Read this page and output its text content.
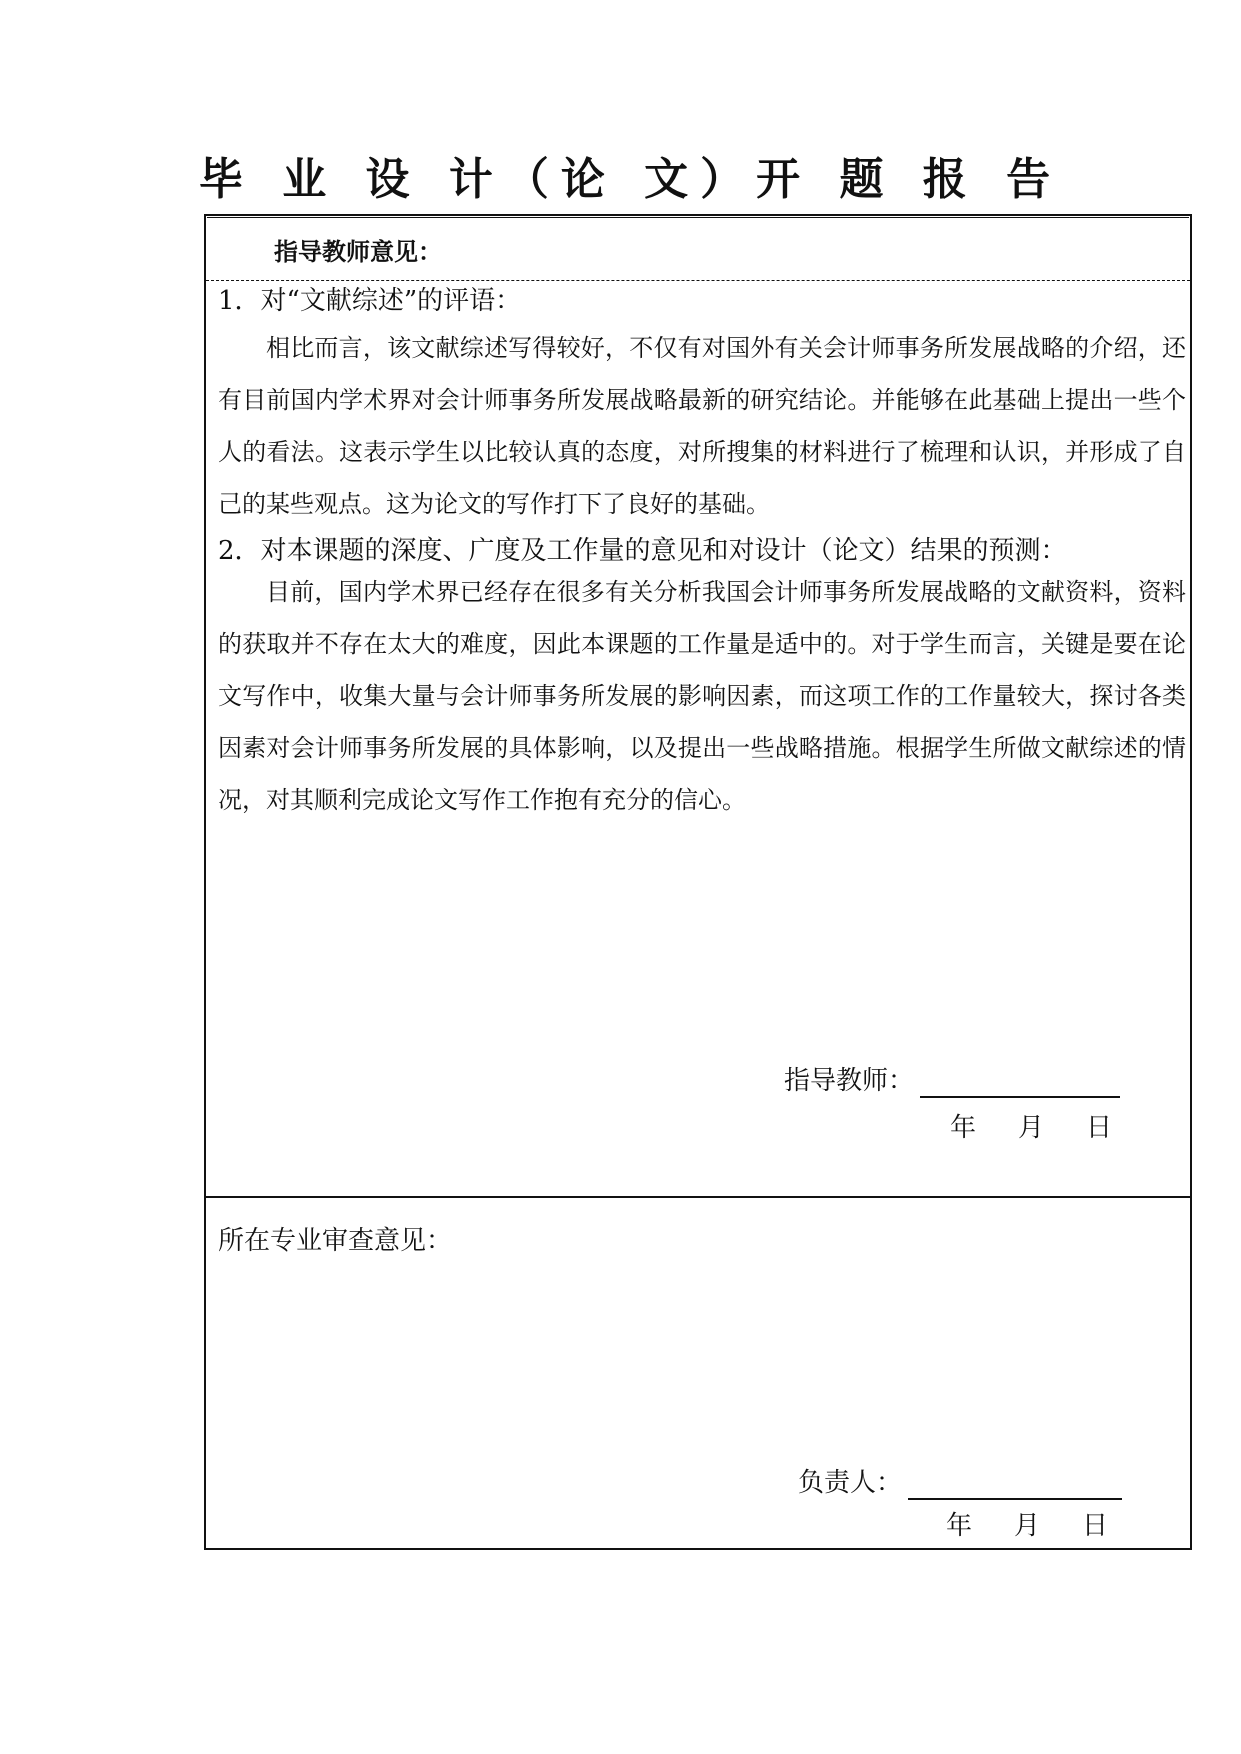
毕 业 设 计（论 文）开 题 报 告
指导教师意见：
1．对“文献综述”的评语：

相比而言，该文献综述写得较好，不仅有对国外有关会计师事务所发展战略的介绍，还有目前国内学术界对会计师事务所发展战略最新的研究结论。并能够在此基础上提出一些个人的看法。这表示学生以比较认真的态度，对所搜集的材料进行了梳理和认识，并形成了自己的某些观点。这为论文的写作打下了良好的基础。

2．对本课题的深度、广度及工作量的意见和对设计（论文）结果的预测：

目前，国内学术界已经存在很多有关分析我国会计师事务所发展战略的文献资料，资料的获取并不存在太大的难度，因此本课题的工作量是适中的。对于学生而言，关键是要在论文写作中，收集大量与会计师事务所发展的影响因素，而这项工作的工作量较大，探讨各类因素对会计师事务所发展的具体影响，以及提出一些战略措施。根据学生所做文献综述的情况，对其顺利完成论文写作工作抱有充分的信心。

指导教师：
年 月 日
所在专业审查意见：
负责人：
年 月 日
